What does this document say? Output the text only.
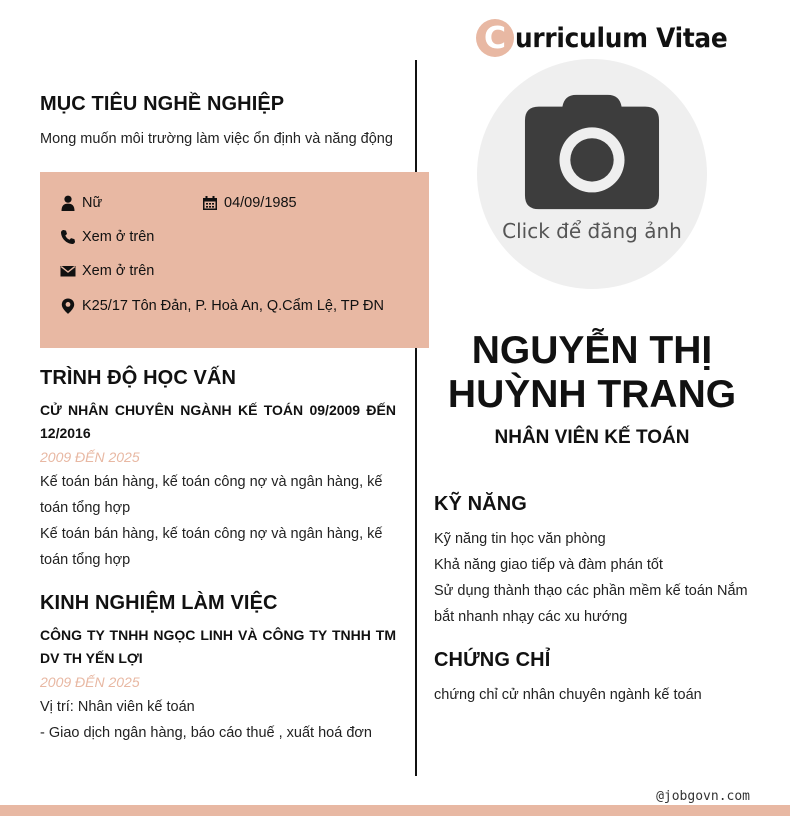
C urriculum Vitae
MỤC TIÊU NGHỀ NGHIỆP
Mong muốn môi trường làm việc ổn định và năng động
Nữ	04/09/1985
Xem ở trên
Xem ở trên
K25/17 Tôn Đản, P. Hoà An, Q.Cẩm Lệ, TP ĐN
TRÌNH ĐỘ HỌC VẤN
CỬ NHÂN CHUYÊN NGÀNH KẾ TOÁN 09/2009 ĐẾN 12/2016
2009 ĐẾN 2025
Kế toán bán hàng, kế toán công nợ và ngân hàng, kế toán tổng hợp
Kế toán bán hàng, kế toán công nợ và ngân hàng, kế toán tổng hợp
KINH NGHIỆM LÀM VIỆC
CÔNG TY TNHH NGỌC LINH VÀ CÔNG TY TNHH TM DV TH YẾN LỢI
2009 ĐẾN 2025
Vị trí: Nhân viên kế toán
- Giao dịch ngân hàng, báo cáo thuế , xuất hoá đơn
Click để đăng ảnh
NGUYỄN THỊ
HUỲNH TRANG
NHÂN VIÊN KẾ TOÁN
KỸ NĂNG
Kỹ năng tin học văn phòng
Khả năng giao tiếp và đàm phán tốt
Sử dụng thành thạo các phần mềm kế toán Nắm bắt nhanh nhạy các xu hướng
CHỨNG CHỈ
chứng chỉ cử nhân chuyên ngành kế toán
@jobgovn.com
